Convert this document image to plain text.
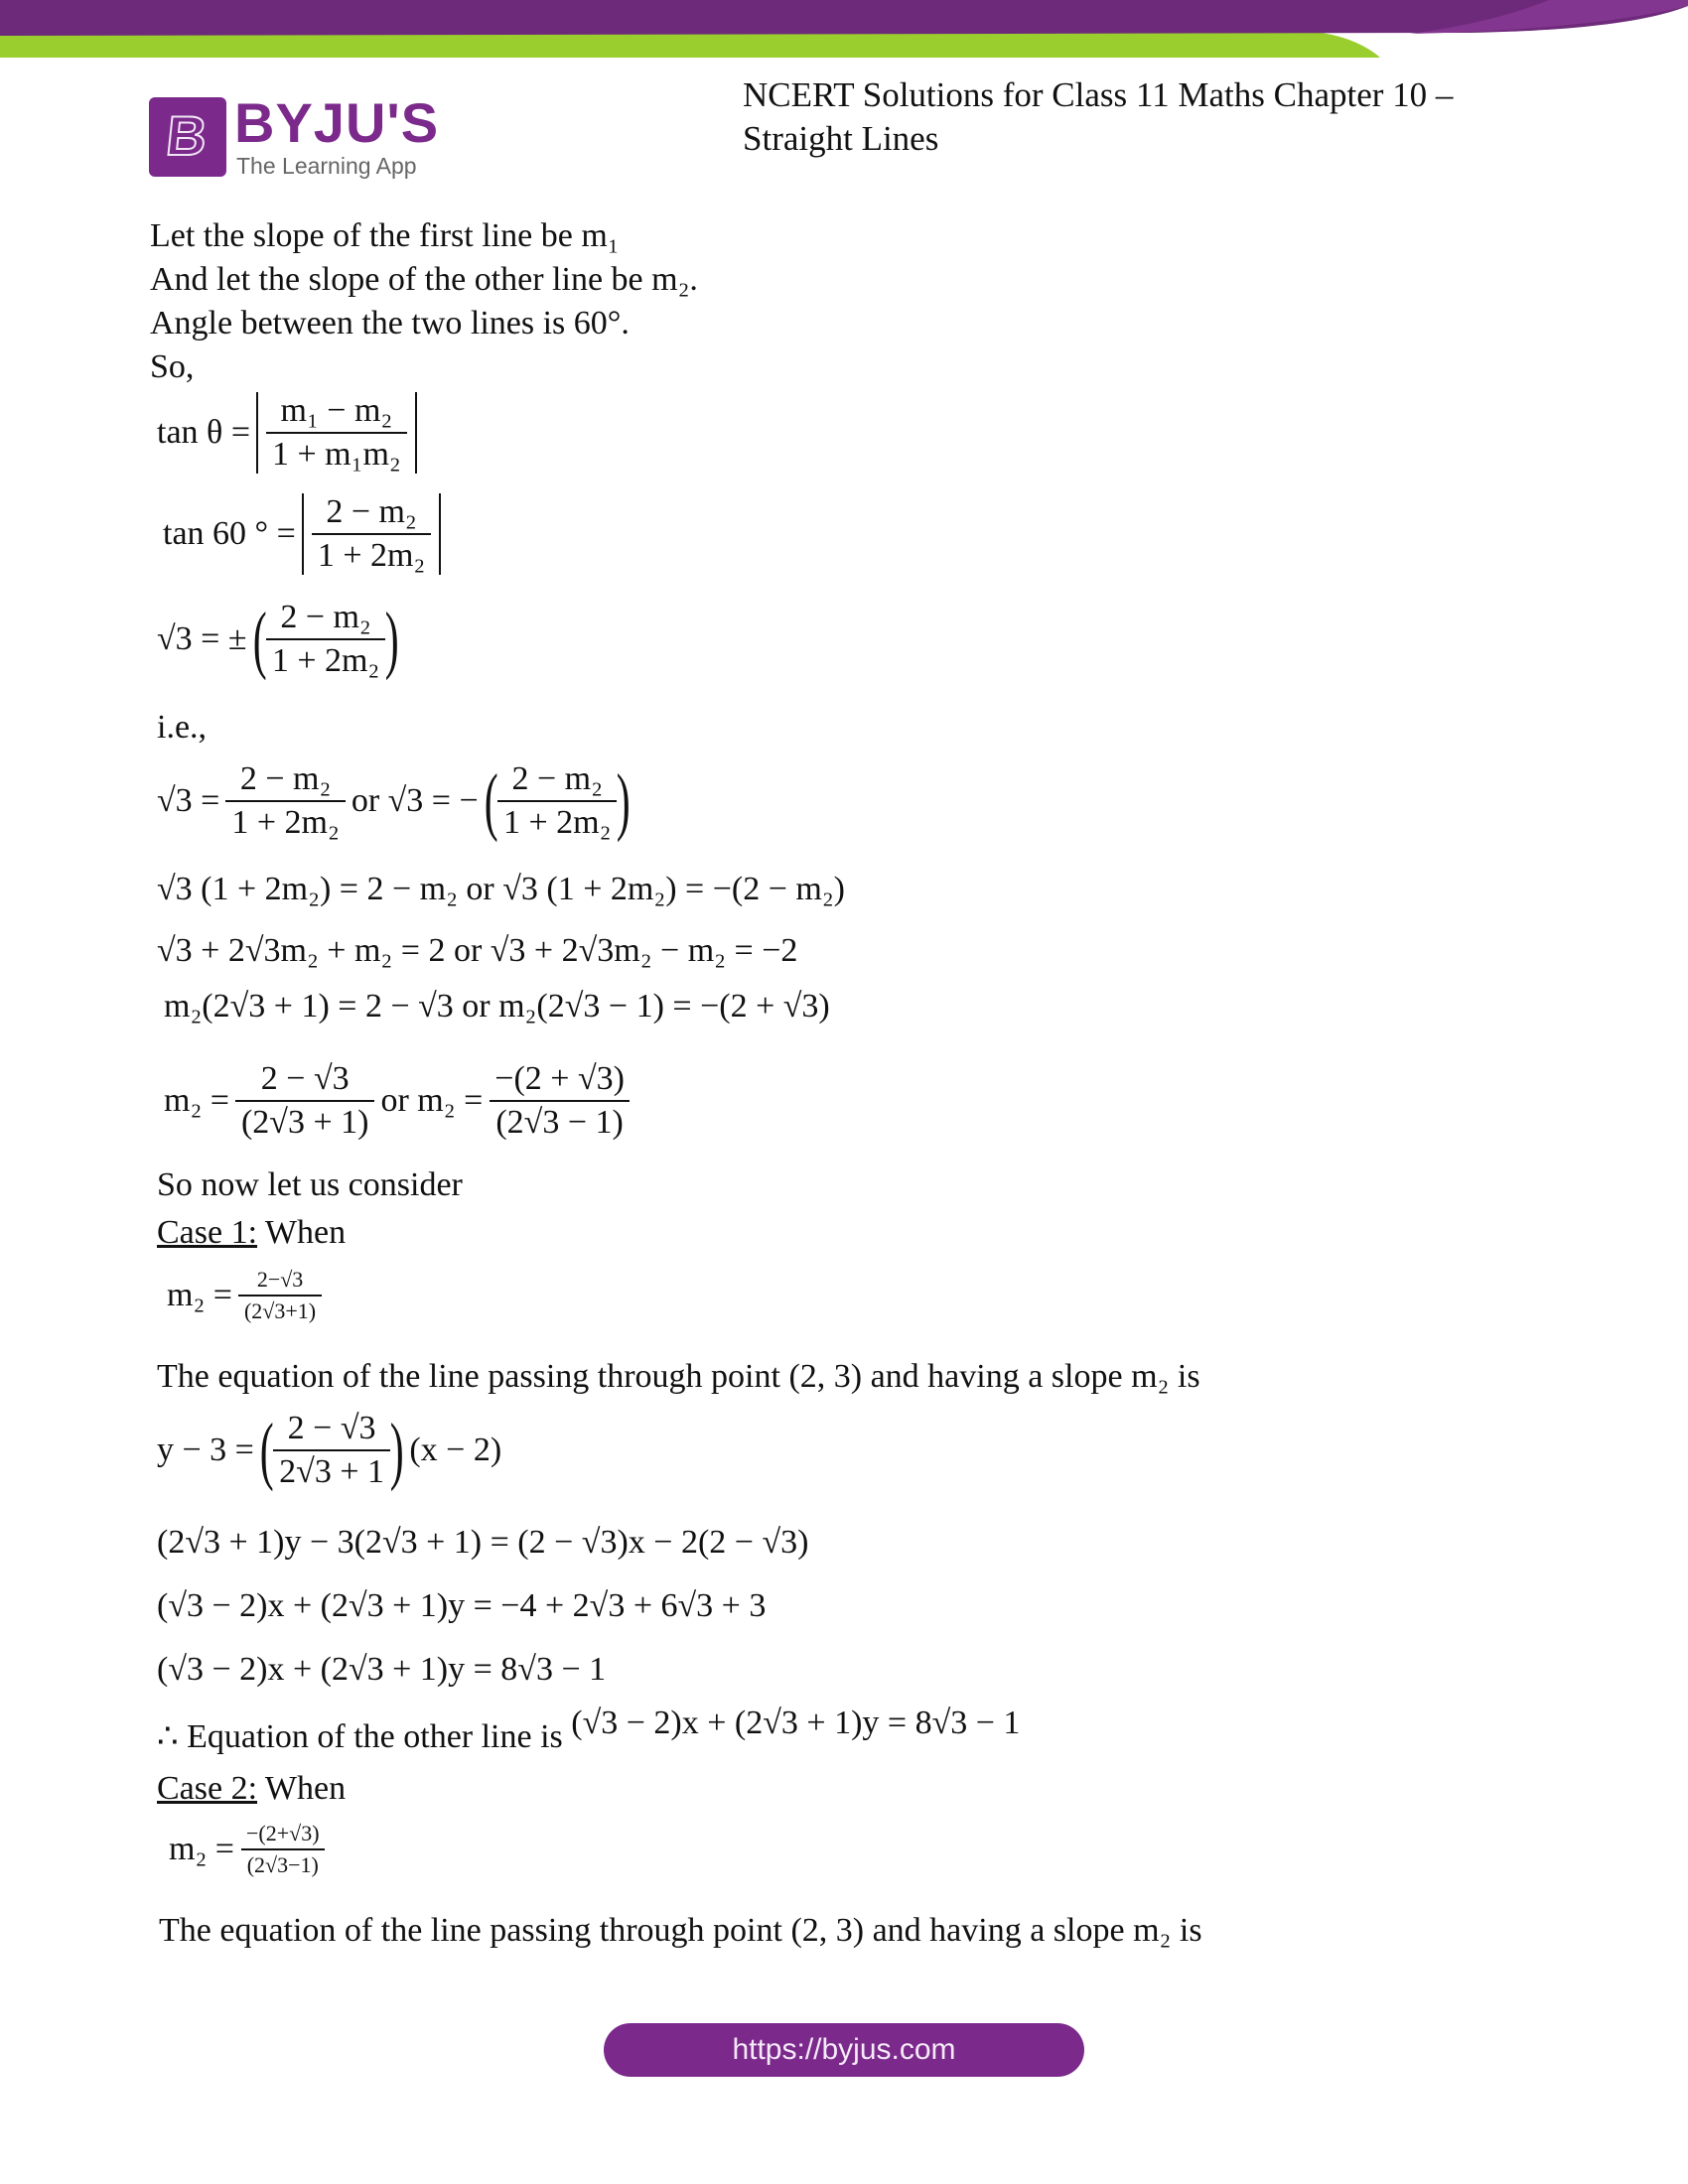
B BYJU'S
The Learning App
NCERT Solutions for Class 11 Maths Chapter 10 –
Straight Lines
Let the slope of the first line be m₁
And let the slope of the other line be m₂.
Angle between the two lines is 60°.
So,
$\tan \theta = \frac{\text{m₁ − m₂}}{\text{1 + m₁m₂}}$
tan 60 ° = $\frac{\text{2 − m₂}}{\text{1 + 2m₂}}$
√3 = ± ( $\frac{\text{2 − m₂}}{\text{1 + 2m₂}}$ )
i.e.,
$√3 = \frac{\text{2 − m₂}}{\text{1 + 2m₂}}$ or √3 = − ( $\frac{\text{2 − m₂}}{\text{1 + 2m₂}}$ )
√3 (1 + 2m₂) = 2 − m₂ or √3 (1 + 2m₂) = −(2 − m₂)
√3 + 2√3m₂ + m₂ = 2 or √3 + 2√3m₂ − m₂ = −2
m₂(2√3 + 1) = 2 − √3 or m₂(2√3 − 1) = −(2 + √3)
$m_2 = \frac{2 - √3}{(2√3 + 1)}$ or $m_2 = \frac{-(2 + √3)}{(2√3 - 1)}$
So now let us consider
Case 1: When
$m_2 = \frac{2-√3}{(2√3+1)}$
The equation of the line passing through point (2, 3) and having a slope m₂ is
y − 3 = ( $\frac{2 - √3}{2√3 + 1}$ ) (x − 2)
(2√3 + 1)y − 3(2√3 + 1) = (2 − √3)x − 2(2 − √3)
(√3 − 2)x + (2√3 + 1)y = −4 + 2√3 + 6√3 + 3
(√3 − 2)x + (2√3 + 1)y = 8√3 − 1
∴ Equation of the other line is (√3 − 2)x + (2√3 + 1)y = 8√3 − 1
Case 2: When
$m_2 = \frac{-(2+√3)}{(2√3-1)}$
The equation of the line passing through point (2, 3) and having a slope m₂ is
https://byjus.com
